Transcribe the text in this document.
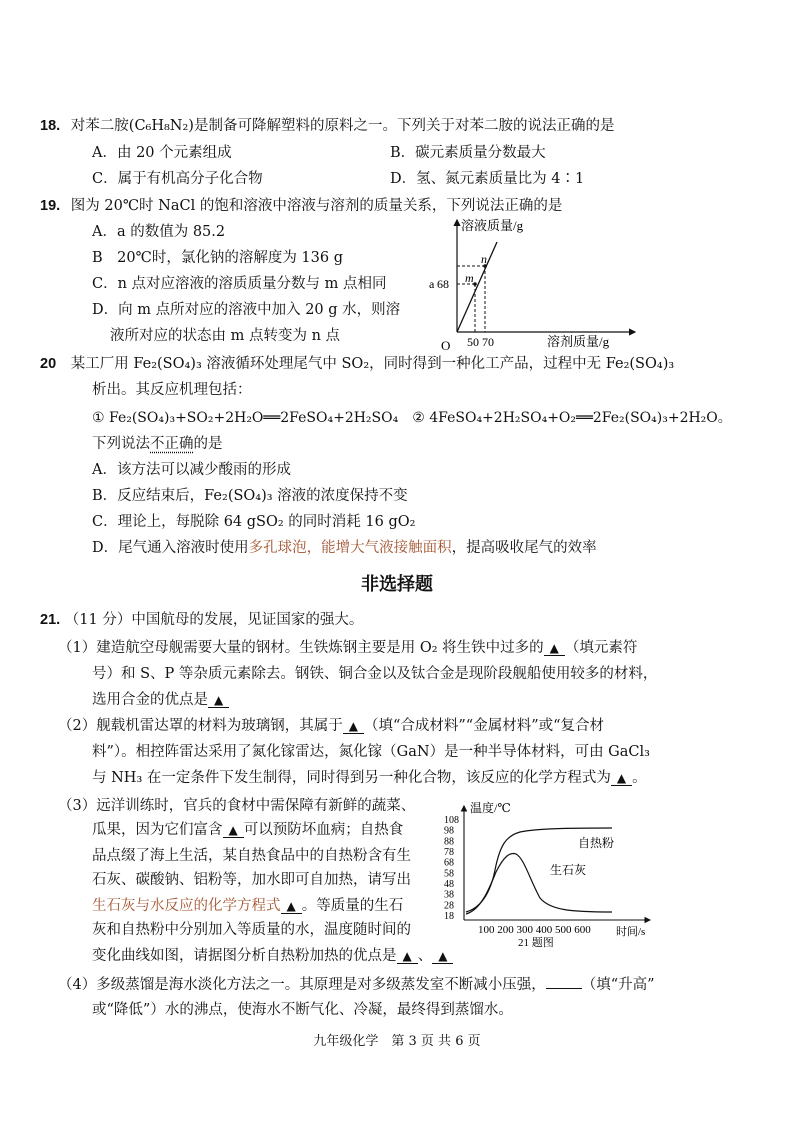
18. 对苯二胺(C₆H₈N₂)是制备可降解塑料的原料之一。下列关于对苯二胺的说法正确的是
A．由 20 个元素组成	B．碳元素质量分数最大
C．属于有机高分子化合物	D．氢、氮元素质量比为 4∶1
19. 图为 20℃时 NaCl 的饱和溶液中溶液与溶剂的质量关系，下列说法正确的是
A．a 的数值为 85.2
B　20℃时，氯化钠的溶解度为 136 g
C．n 点对应溶液的溶质质量分数与 m 点相同
D．向 m 点所对应的溶液中加入 20 g 水，则溶
液所对应的状态由 m 点转变为 n 点
溶液质量/g
溶剂质量/g
O
m
n
a 68
50 70
20 某工厂用 Fe₂(SO₄)₃ 溶液循环处理尾气中 SO₂，同时得到一种化工产品，过程中无 Fe₂(SO₄)₃
析出。其反应机理包括：
① Fe₂(SO₄)₃+SO₂+2H₂O══2FeSO₄+2H₂SO₄　② 4FeSO₄+2H₂SO₄+O₂══2Fe₂(SO₄)₃+2H₂O。
下列说法不正确的是
A．该方法可以减少酸雨的形成
B．反应结束后，Fe₂(SO₄)₃ 溶液的浓度保持不变
C．理论上，每脱除 64 gSO₂ 的同时消耗 16 gO₂
D．尾气通入溶液时使用多孔球泡，能增大气液接触面积，提高吸收尾气的效率
非选择题
21. （11 分）中国航母的发展，见证国家的强大。
（1）建造航空母舰需要大量的钢材。生铁炼钢主要是用 O₂ 将生铁中过多的 ▲ （填元素符
号）和 S、P 等杂质元素除去。钢铁、铜合金以及钛合金是现阶段舰船使用较多的材料，
选用合金的优点是 ▲
（2）舰载机雷达罩的材料为玻璃钢，其属于 ▲ （填“合成材料”“金属材料”或“复合材
料”）。相控阵雷达采用了氮化镓雷达，氮化镓（GaN）是一种半导体材料，可由 GaCl₃
与 NH₃ 在一定条件下发生制得，同时得到另一种化合物，该反应的化学方程式为 ▲ 。
（3）远洋训练时，官兵的食材中需保障有新鲜的蔬菜、
瓜果，因为它们富含 ▲ 可以预防坏血病；自热食
品点缀了海上生活，某自热食品中的自热粉含有生
石灰、碳酸钠、铝粉等，加水即可自加热，请写出
生石灰与水反应的化学方程式 ▲ 。等质量的生石
灰和自热粉中分别加入等质量的水，温度随时间的
变化曲线如图，请据图分析自热粉加热的优点是 ▲ 、 ▲
温度/℃
时间/s
108
98
88
78
68
58
48
38
28
18
100 200 300 400 500 600
21 题图
自热粉
生石灰
（4）多级蒸馏是海水淡化方法之一。其原理是对多级蒸发室不断减小压强， （填“升高”
或“降低”）水的沸点，使海水不断气化、冷凝，最终得到蒸馏水。
九年级化学　第 3 页 共 6 页
